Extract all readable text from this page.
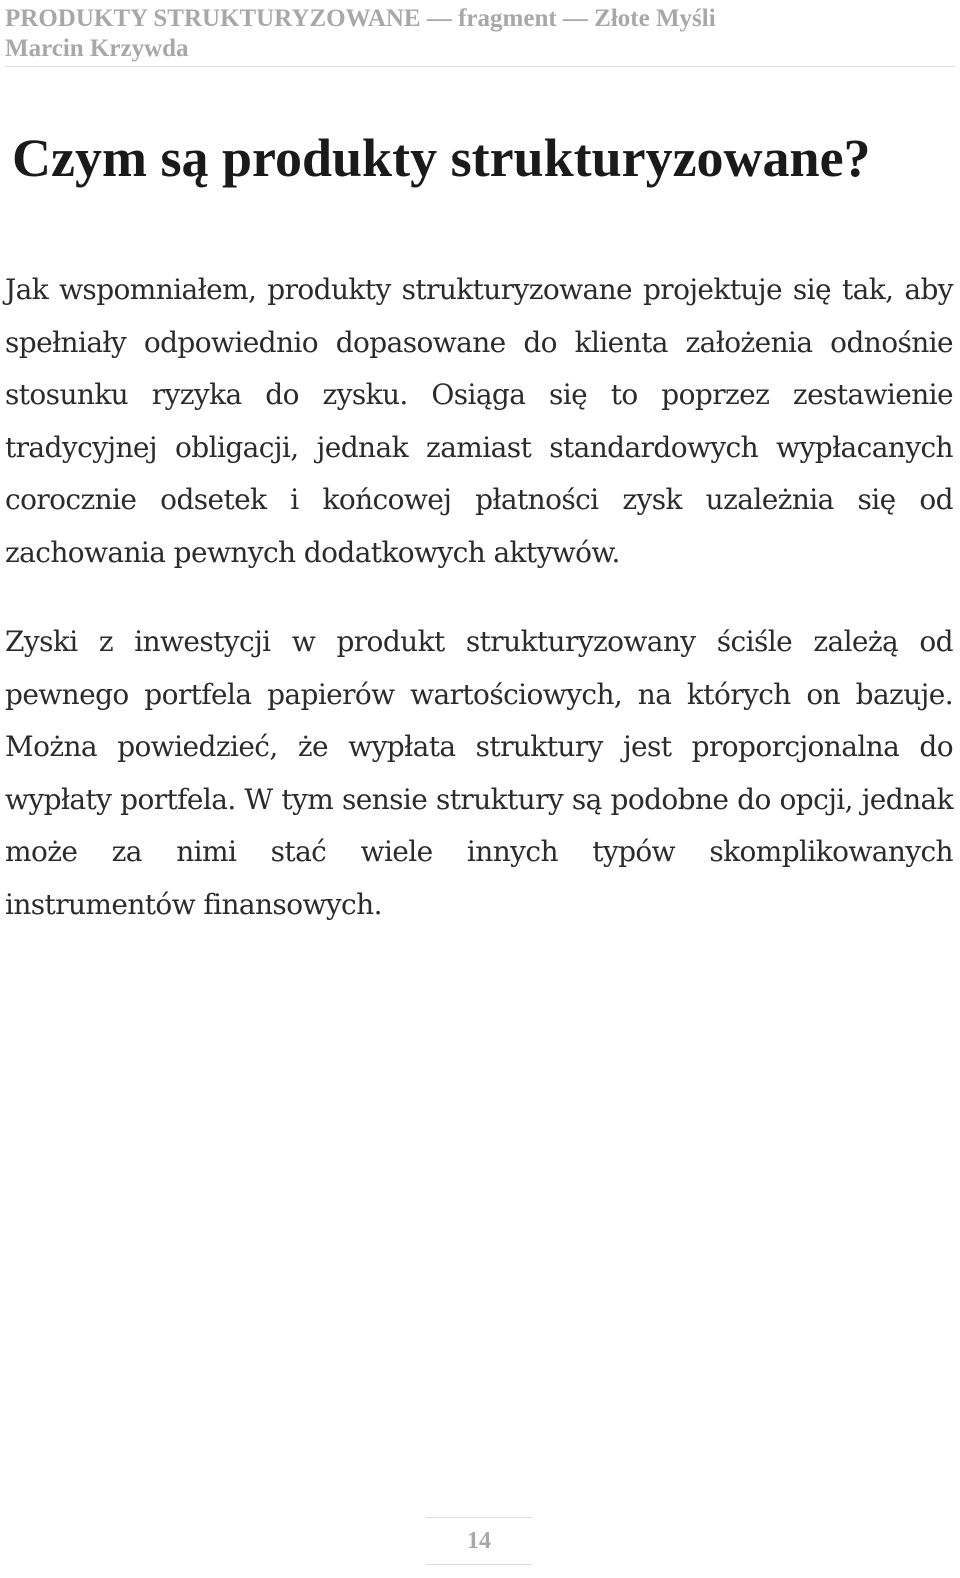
PRODUKTY STRUKTURYZOWANE — fragment — Złote Myśli
Marcin Krzywda
Czym są produkty strukturyzowane?

Jak wspomniałem, produkty strukturyzowane projektuje się tak, aby spełniały odpowiednio dopasowane do klienta założenia odnośnie stosunku ryzyka do zysku. Osiąga się to poprzez zestawienie tradycyjnej obligacji, jednak zamiast standardowych wypłacanych corocznie odsetek i końcowej płatności zysk uzależnia się od zachowania pewnych dodatkowych aktywów.

Zyski z inwestycji w produkt strukturyzowany ściśle zależą od pewnego portfela papierów wartościowych, na których on bazuje. Można powiedzieć, że wypłata struktury jest proporcjonalna do wypłaty portfela. W tym sensie struktury są podobne do opcji, jednak może za nimi stać wiele innych typów skomplikowanych instrumentów finansowych.

14
